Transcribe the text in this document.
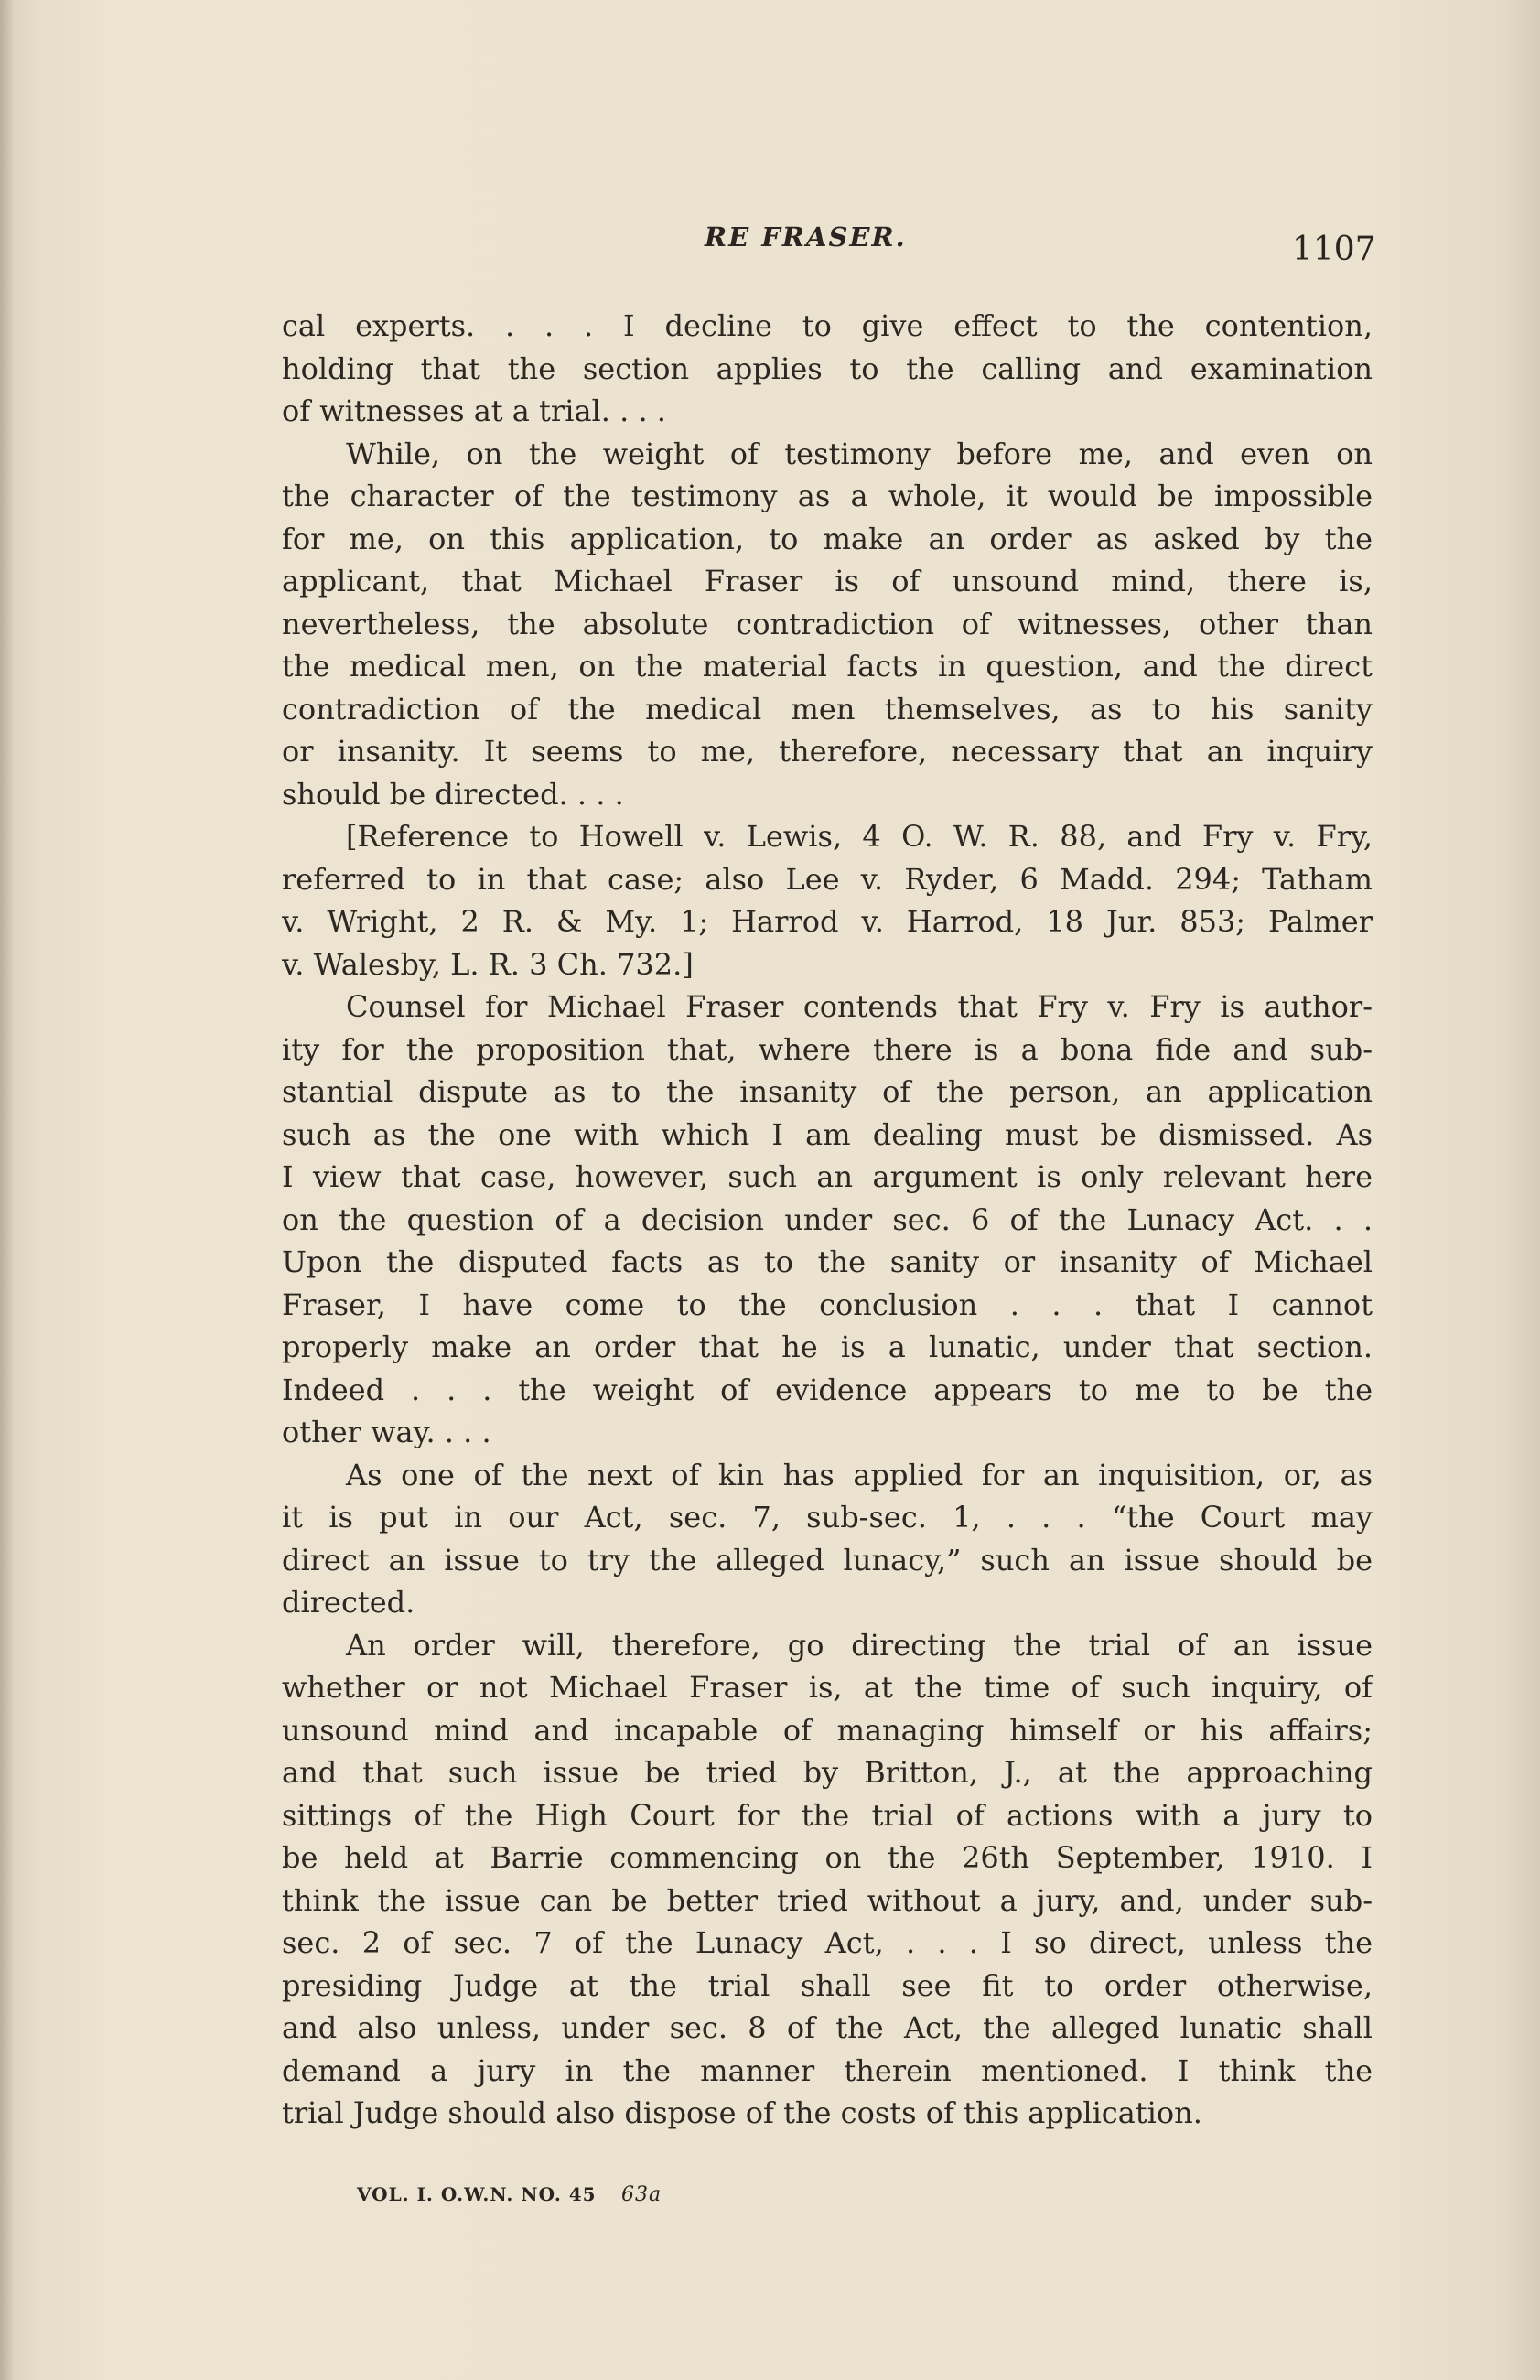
RE FRASER.	1107
cal experts. . . . I decline to give effect to the contention,
holding that the section applies to the calling and examination
of witnesses at a trial. . . .
While, on the weight of testimony before me, and even on
the character of the testimony as a whole, it would be impossible
for me, on this application, to make an order as asked by the
applicant, that Michael Fraser is of unsound mind, there is,
nevertheless, the absolute contradiction of witnesses, other than
the medical men, on the material facts in question, and the direct
contradiction of the medical men themselves, as to his sanity
or insanity. It seems to me, therefore, necessary that an inquiry
should be directed. . . .
[Reference to Howell v. Lewis, 4 O. W. R. 88, and Fry v. Fry,
referred to in that case; also Lee v. Ryder, 6 Madd. 294; Tatham
v. Wright, 2 R. & My. 1; Harrod v. Harrod, 18 Jur. 853; Palmer
v. Walesby, L. R. 3 Ch. 732.]
Counsel for Michael Fraser contends that Fry v. Fry is author-
ity for the proposition that, where there is a bona fide and sub-
stantial dispute as to the insanity of the person, an application
such as the one with which I am dealing must be dismissed. As
I view that case, however, such an argument is only relevant here
on the question of a decision under sec. 6 of the Lunacy Act. . .
Upon the disputed facts as to the sanity or insanity of Michael
Fraser, I have come to the conclusion . . . that I cannot
properly make an order that he is a lunatic, under that section.
Indeed . . . the weight of evidence appears to me to be the
other way. . . .
As one of the next of kin has applied for an inquisition, or, as
it is put in our Act, sec. 7, sub-sec. 1, . . . “the Court may
direct an issue to try the alleged lunacy,” such an issue should be
directed.
An order will, therefore, go directing the trial of an issue
whether or not Michael Fraser is, at the time of such inquiry, of
unsound mind and incapable of managing himself or his affairs;
and that such issue be tried by Britton, J., at the approaching
sittings of the High Court for the trial of actions with a jury to
be held at Barrie commencing on the 26th September, 1910. I
think the issue can be better tried without a jury, and, under sub-
sec. 2 of sec. 7 of the Lunacy Act, . . . I so direct, unless the
presiding Judge at the trial shall see fit to order otherwise,
and also unless, under sec. 8 of the Act, the alleged lunatic shall
demand a jury in the manner therein mentioned. I think the
trial Judge should also dispose of the costs of this application.
VOL. I. O.W.N. NO. 45 63a
